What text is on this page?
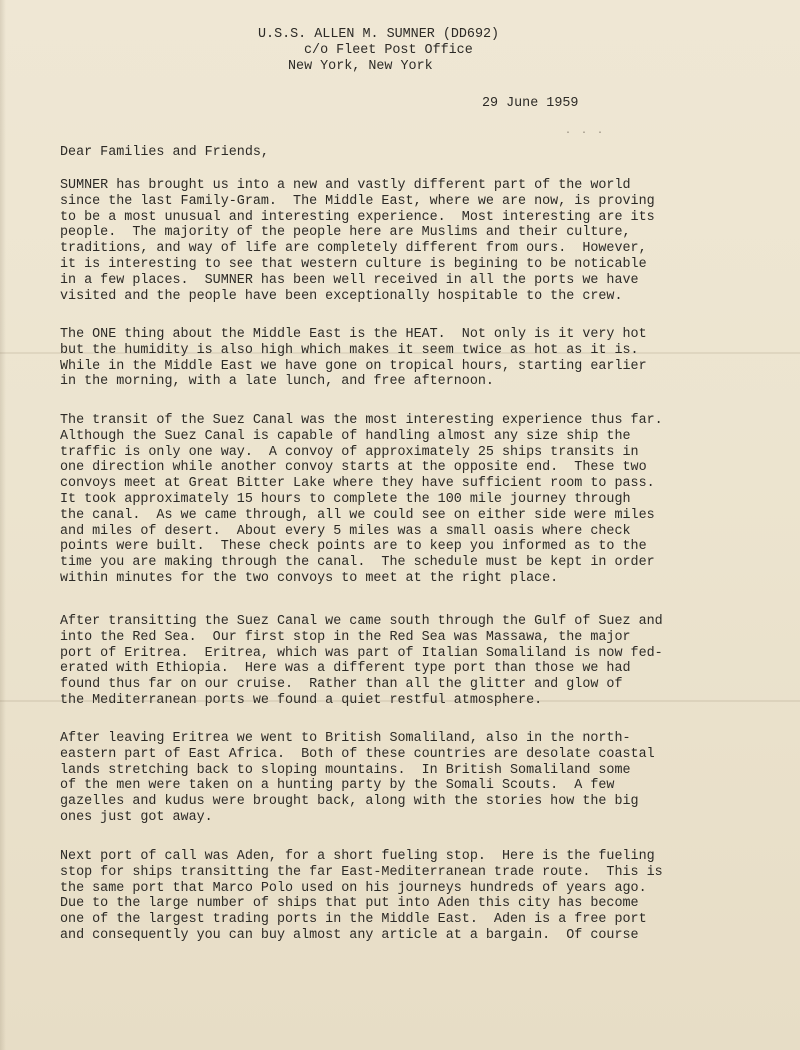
U.S.S. ALLEN M. SUMNER (DD692)
c/o Fleet Post Office
New York, New York
29 June 1959
· · ·
Dear Families and Friends,
SUMNER has brought us into a new and vastly different part of the world
since the last Family-Gram.  The Middle East, where we are now, is proving
to be a most unusual and interesting experience.  Most interesting are its
people.  The majority of the people here are Muslims and their culture,
traditions, and way of life are completely different from ours.  However,
it is interesting to see that western culture is begining to be noticable
in a few places.  SUMNER has been well received in all the ports we have
visited and the people have been exceptionally hospitable to the crew.
The ONE thing about the Middle East is the HEAT.  Not only is it very hot
but the humidity is also high which makes it seem twice as hot as it is.
While in the Middle East we have gone on tropical hours, starting earlier
in the morning, with a late lunch, and free afternoon.
The transit of the Suez Canal was the most interesting experience thus far.
Although the Suez Canal is capable of handling almost any size ship the
traffic is only one way.  A convoy of approximately 25 ships transits in
one direction while another convoy starts at the opposite end.  These two
convoys meet at Great Bitter Lake where they have sufficient room to pass.
It took approximately 15 hours to complete the 100 mile journey through
the canal.  As we came through, all we could see on either side were miles
and miles of desert.  About every 5 miles was a small oasis where check
points were built.  These check points are to keep you informed as to the
time you are making through the canal.  The schedule must be kept in order
within minutes for the two convoys to meet at the right place.
After transitting the Suez Canal we came south through the Gulf of Suez and
into the Red Sea.  Our first stop in the Red Sea was Massawa, the major
port of Eritrea.  Eritrea, which was part of Italian Somaliland is now fed-
erated with Ethiopia.  Here was a different type port than those we had
found thus far on our cruise.  Rather than all the glitter and glow of
the Mediterranean ports we found a quiet restful atmosphere.
After leaving Eritrea we went to British Somaliland, also in the north-
eastern part of East Africa.  Both of these countries are desolate coastal
lands stretching back to sloping mountains.  In British Somaliland some
of the men were taken on a hunting party by the Somali Scouts.  A few
gazelles and kudus were brought back, along with the stories how the big
ones just got away.
Next port of call was Aden, for a short fueling stop.  Here is the fueling
stop for ships transitting the far East-Mediterranean trade route.  This is
the same port that Marco Polo used on his journeys hundreds of years ago.
Due to the large number of ships that put into Aden this city has become
one of the largest trading ports in the Middle East.  Aden is a free port
and consequently you can buy almost any article at a bargain.  Of course
